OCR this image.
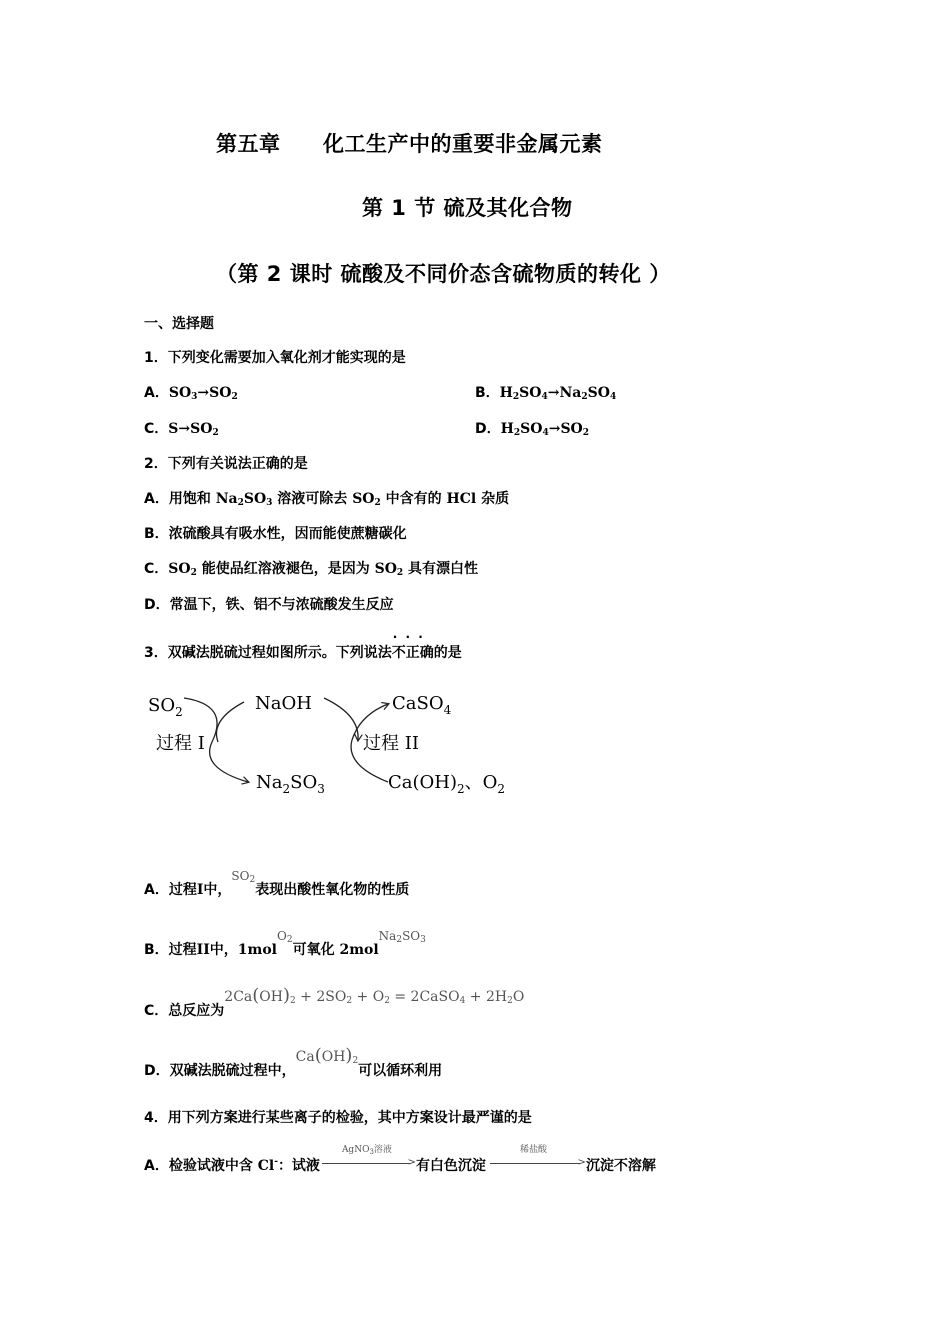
第五章 化工生产中的重要非金属元素
第 1 节 硫及其化合物
（第 2 课时 硫酸及不同价态含硫物质的转化 ）
一、选择题
1．下列变化需要加入氧化剂才能实现的是
A．$SO_3\to SO_2$	B．$H_2SO_4\to Na_2SO_4$
C．$S\to SO_2$	D．$H_2SO_4\to SO_2$
2．下列有关说法正确的是
A．用饱和 $Na_2SO_3$ 溶液可除去 $SO_2$ 中含有的 HCl 杂质
B．浓硫酸具有吸水性，因而能使蔗糖碳化
C．$SO_2$ 能使品红溶液褪色，是因为 $SO_2$ 具有漂白性
D．常温下，铁、铝不与浓硫酸发生反应
3．双碱法脱硫过程如图所示。下列说法· · · 不正确的是
$SO_2$	NaOH
$Na_2SO_3$
CaSO$_4$
$Ca(OH)_2$、$O_2$
过程 I	过程 II
A．过程I中，$SO_2$表现出酸性氧化物的性质
B．过程II中，1molO$_2$可氧化 $2molNa_2SO_3$
C．总反应为$2Ca(OH)_2 + 2SO_2 + O_2$ = 2CaSO$_4$ + $2H_2O$
D．双碱法脱硫过程中，$Ca(OH)_2$可以循环利用
4．用下列方案进行某些离子的检验，其中方案设计最严谨的是
A．检验试液中含 Cl-：试液
AgNO$_3$溶液
> 有白色沉淀
稀盐酸
> 沉淀不溶解
